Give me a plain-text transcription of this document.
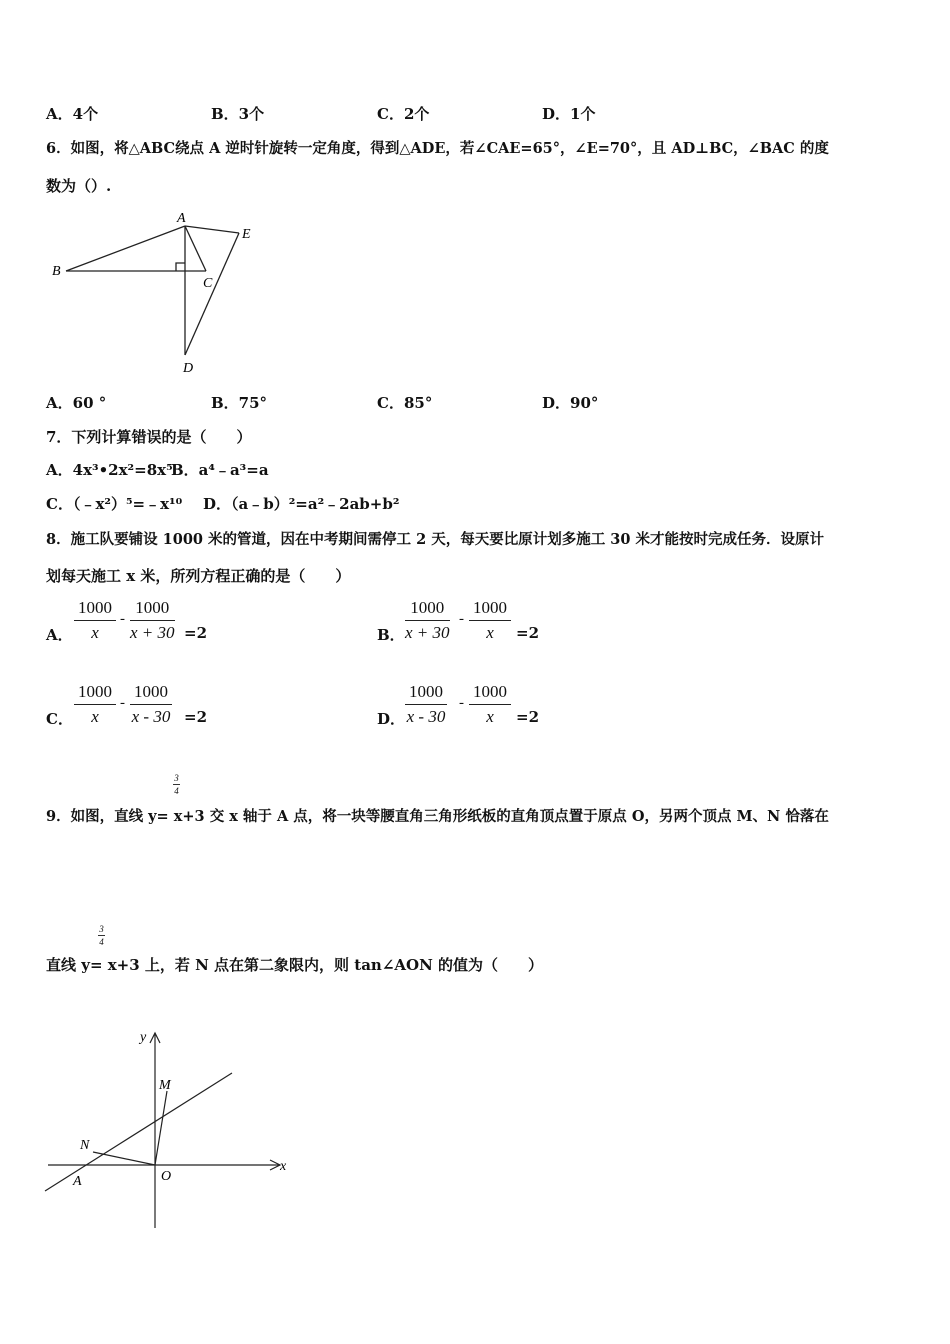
A．4个	B．3个	C．2个	D．1个
6．如图，将△ABC绕点 A 逆时针旋转一定角度，得到△ADE，若∠CAE=65°，∠E=70°，且 AD⊥BC，∠BAC 的度
数为（）.
A
B
C
E
D
A．60 °	B．75°	C．85°	D．90°
7．下列计算错误的是（　　）
A．4x³•2x²=8x⁵
B．a⁴﹣a³=a
C．（﹣x²）⁵=﹣x¹⁰ D．（a﹣b）²=a²﹣2ab+b²
8．施工队要铺设 1000 米的管道，因在中考期间需停工 2 天，每天要比原计划多施工 30 米才能按时完成任务．设原计
划每天施工 x 米，所列方程正确的是（　　）
A． $\frac{1000}{x} - \frac{1000}{x + 30} =2$	B． $\frac{1000}{x + 30} - \frac{1000}{x} =2$
C． $\frac{1000}{x} - \frac{1000}{x - 30} =2$	D． $\frac{1000}{x - 30} - \frac{1000}{x} =2$
3
4
9．如图，直线 y= x+3 交 x 轴于 A 点，将一块等腰直角三角形纸板的直角顶点置于原点 O，另两个顶点 M、N 恰落在
3
4
直线 y= x+3 上，若 N 点在第二象限内，则 tan∠AON 的值为（　　）
y
x
M
N
O
A
